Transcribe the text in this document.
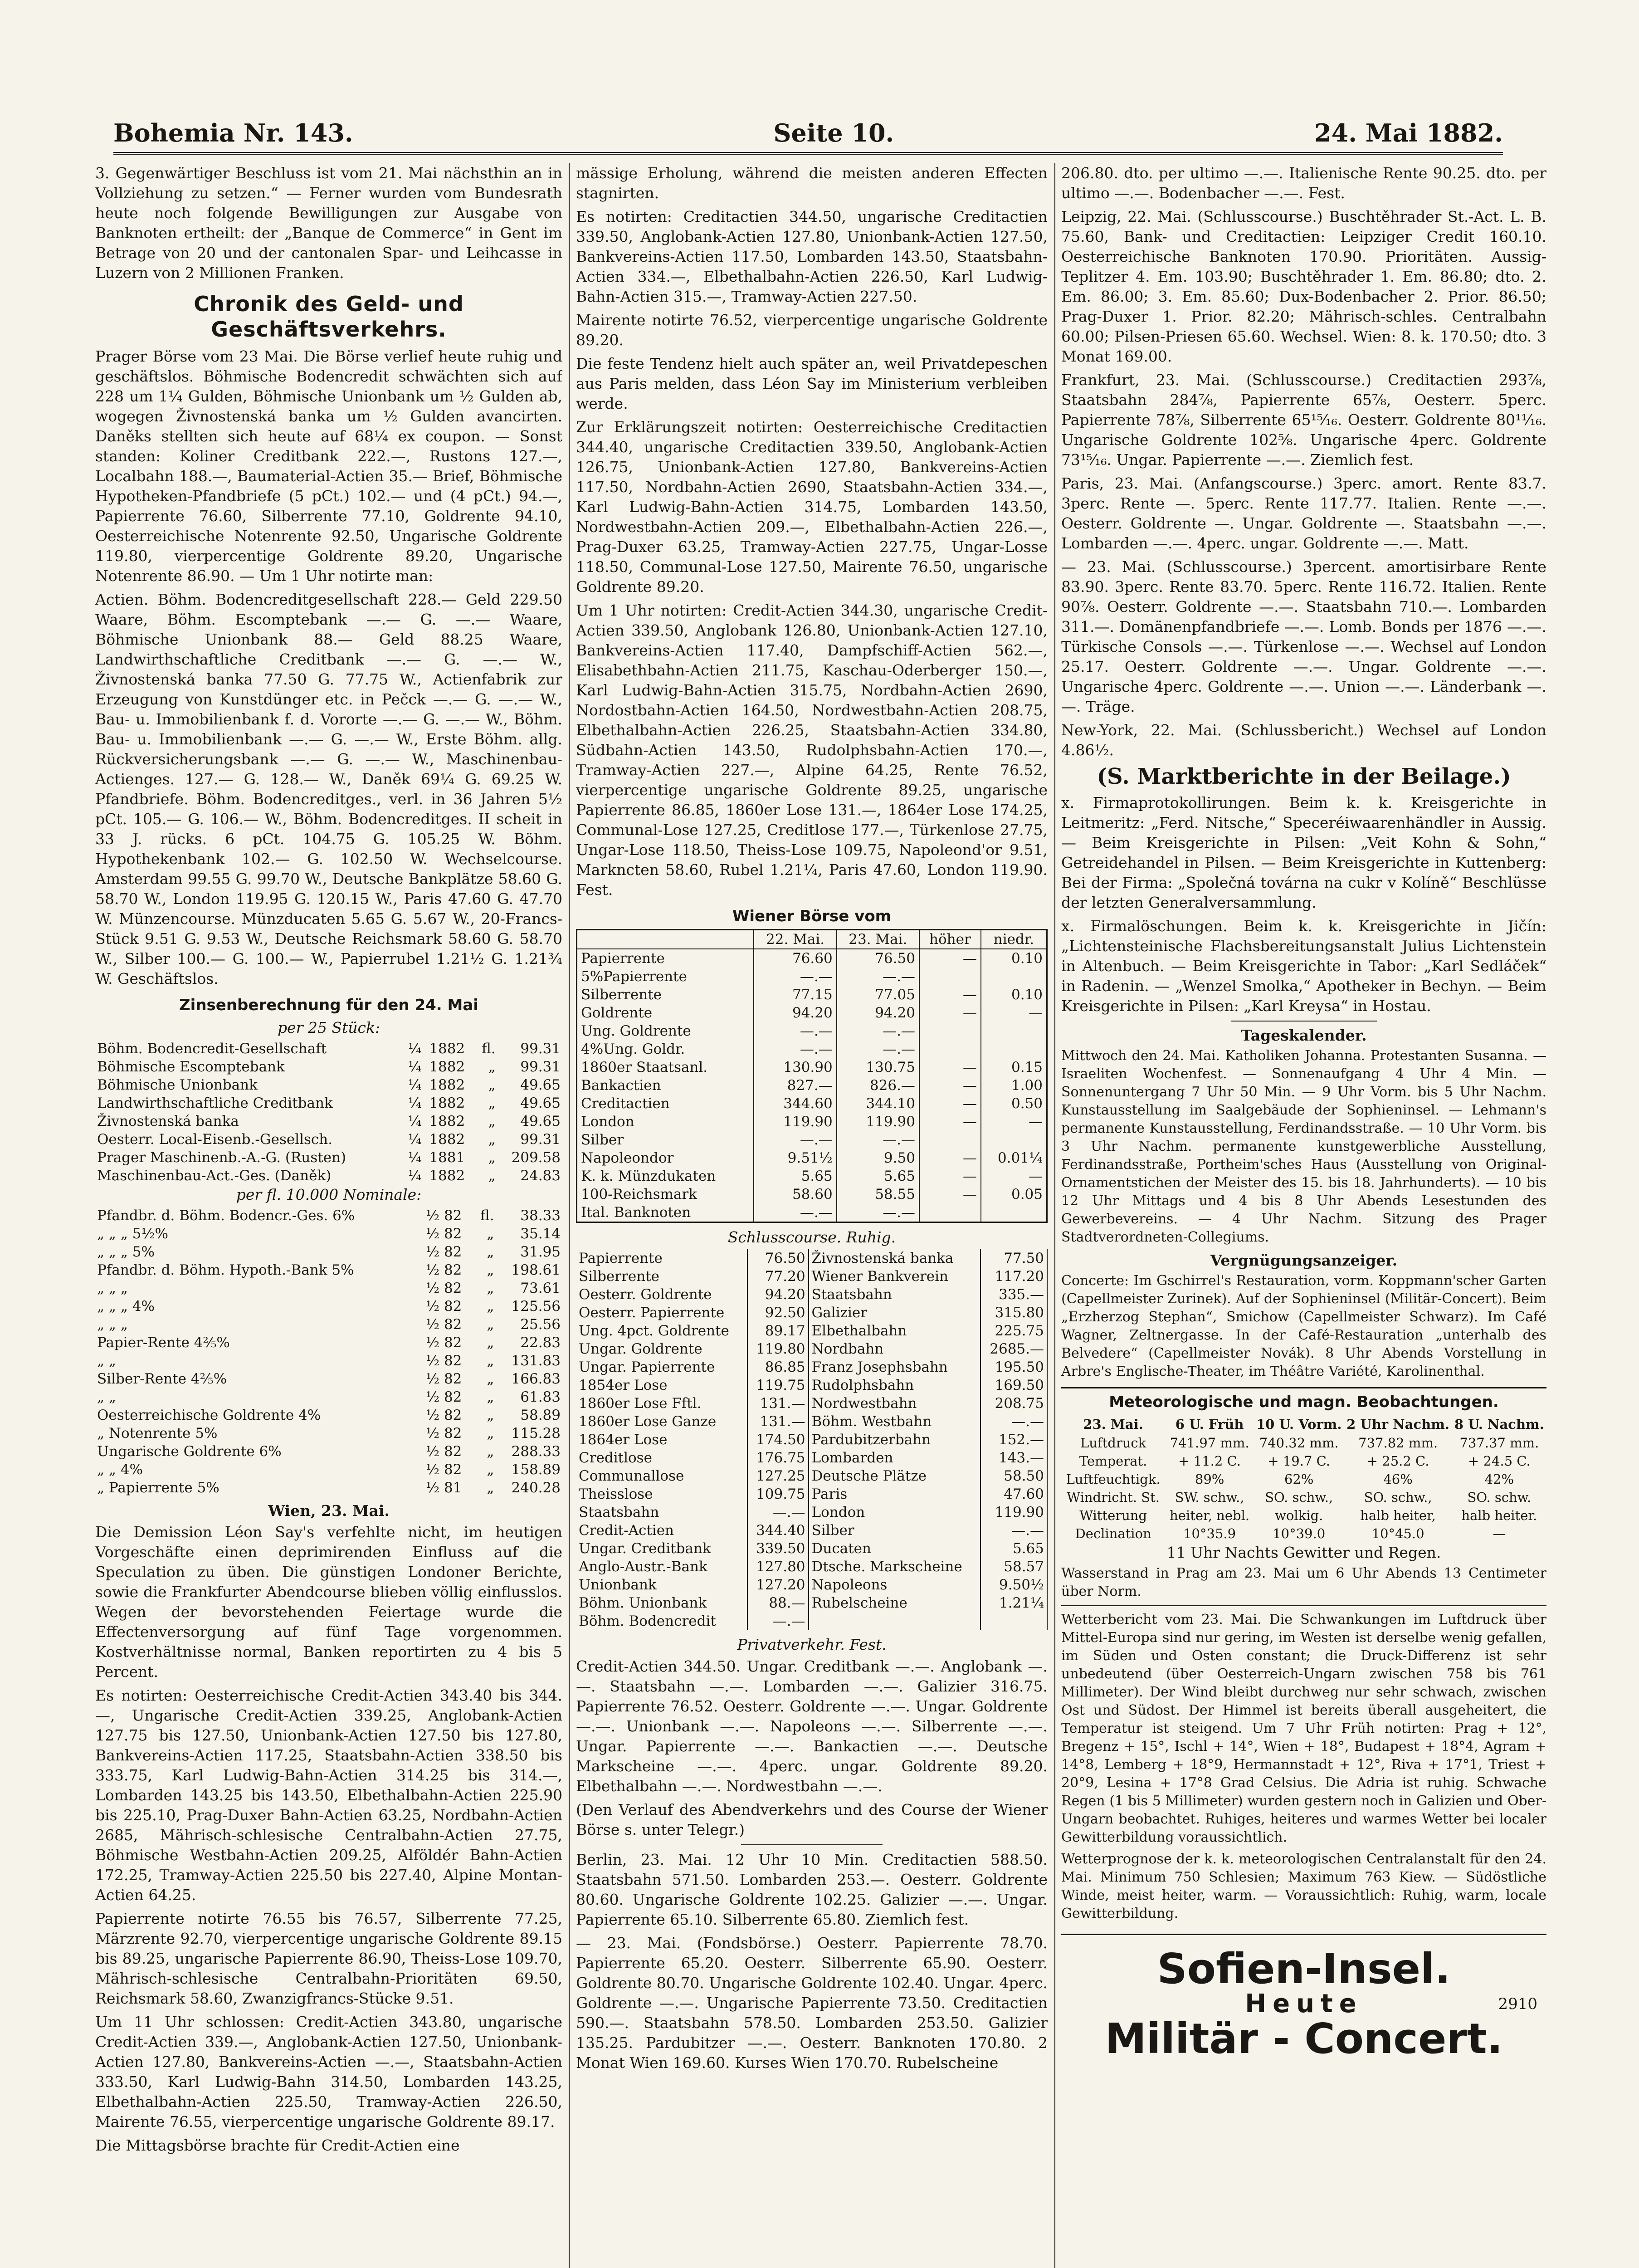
Bohemia Nr. 143.	Seite 10.	24. Mai 1882.

3. Gegenwärtiger Beschluss ist vom 21. Mai nächsthin an in Vollziehung zu setzen.“ — Ferner wurden vom Bundesrath heute noch folgende Bewilligungen zur Ausgabe von Banknoten ertheilt: der „Banque de Commerce“ in Gent im Betrage von 20 und der cantonalen Spar- und Leihcasse in Luzern von 2 Millionen Franken.

Chronik des Geld- und Geschäftsverkehrs.

Prager Börse vom 23 Mai. Die Börse verlief heute ruhig und geschäftslos. Böhmische Bodencredit schwächten sich auf 228 um 1¼ Gulden, Böhmische Unionbank um ½ Gulden ab, wogegen Živnostenská banka um ½ Gulden avancirten. Daněks stellten sich heute auf 68¼ ex coupon. — Sonst standen: Koliner Creditbank 222.—, Rustons 127.—, Localbahn 188.—, Baumaterial-Actien 35.— Brief, Böhmische Hypotheken-Pfandbriefe (5 pCt.) 102.— und (4 pCt.) 94.—, Papierrente 76.60, Silberrente 77.10, Goldrente 94.10, Oesterreichische Notenrente 92.50, Ungarische Goldrente 119.80, vierpercentige Goldrente 89.20, Ungarische Notenrente 86.90. — Um 1 Uhr notirte man:

Actien. Böhm. Bodencreditgesellschaft 228.— Geld 229.50 Waare, Böhm. Escomptebank —.— G. —.— Waare, Böhmische Unionbank 88.— Geld 88.25 Waare, Landwirthschaftliche Creditbank —.— G. —.— W., Živnostenská banka 77.50 G. 77.75 W., Actienfabrik zur Erzeugung von Kunstdünger etc. in Pečck —.— G. —.— W., Bau- u. Immobilienbank f. d. Vororte —.— G. —.— W., Böhm. Bau- u. Immobilienbank —.— G. —.— W., Erste Böhm. allg. Rückversicherungsbank —.— G. —.— W., Maschinenbau-Actienges. 127.— G. 128.— W., Daněk 69¼ G. 69.25 W. Pfandbriefe. Böhm. Bodencreditges., verl. in 36 Jahren 5½ pCt. 105.— G. 106.— W., Böhm. Bodencreditges. II scheit in 33 J. rücks. 6 pCt. 104.75 G. 105.25 W. Böhm. Hypothekenbank 102.— G. 102.50 W. Wechselcourse. Amsterdam 99.55 G. 99.70 W., Deutsche Bankplätze 58.60 G. 58.70 W., London 119.95 G. 120.15 W., Paris 47.60 G. 47.70 W. Münzencourse. Münzducaten 5.65 G. 5.67 W., 20-Francs-Stück 9.51 G. 9.53 W., Deutsche Reichsmark 58.60 G. 58.70 W., Silber 100.— G. 100.— W., Papierrubel 1.21½ G. 1.21¾ W. Geschäftslos.

Zinsenberechnung für den 24. Mai
per 25 Stück:
Böhm. Bodencredit-Gesellschaft	¼	1882	fl.	99.31
Böhmische Escomptebank	¼	1882	„	99.31
Böhmische Unionbank	¼	1882	„	49.65
Landwirthschaftliche Creditbank	¼	1882	„	49.65
Živnostenská banka	¼	1882	„	49.65
Oesterr. Local-Eisenb.-Gesellsch.	¼	1882	„	99.31
Prager Maschinenb.-A.-G. (Rusten)	¼	1881	„	209.58
Maschinenbau-Act.-Ges. (Daněk)	¼	1882	„	24.83
per fl. 10.000 Nominale:
Pfandbr. d. Böhm. Bodencr.-Ges. 6%	½ 82	fl.	38.33
„ „ „ 5½%	½ 82	„	35.14
„ „ „ 5%	½ 82	„	31.95
Pfandbr. d. Böhm. Hypoth.-Bank 5%	½ 82	„	198.61
„ „ „	½ 82	„	73.61
„ „ „ 4%	½ 82	„	125.56
„ „ „	½ 82	„	25.56
Papier-Rente 4⅖%	½ 82	„	22.83
„ „	½ 82	„	131.83
Silber-Rente 4⅖%	½ 82	„	166.83
„ „	½ 82	„	61.83
Oesterreichische Goldrente 4%	½ 82	„	58.89
„ Notenrente 5%	½ 82	„	115.28
Ungarische Goldrente 6%	½ 82	„	288.33
„ „ 4%	½ 82	„	158.89
„ Papierrente 5%	½ 81	„	240.28
Wien, 23. Mai.

Die Demission Léon Say's verfehlte nicht, im heutigen Vorgeschäfte einen deprimirenden Einfluss auf die Speculation zu üben. Die günstigen Londoner Berichte, sowie die Frankfurter Abendcourse blieben völlig einflusslos. Wegen der bevorstehenden Feiertage wurde die Effectenversorgung auf fünf Tage vorgenommen. Kostverhältnisse normal, Banken reportirten zu 4 bis 5 Percent.

Es notirten: Oesterreichische Credit-Actien 343.40 bis 344.—, Ungarische Credit-Actien 339.25, Anglobank-Actien 127.75 bis 127.50, Unionbank-Actien 127.50 bis 127.80, Bankvereins-Actien 117.25, Staatsbahn-Actien 338.50 bis 333.75, Karl Ludwig-Bahn-Actien 314.25 bis 314.—, Lombarden 143.25 bis 143.50, Elbethalbahn-Actien 225.90 bis 225.10, Prag-Duxer Bahn-Actien 63.25, Nordbahn-Actien 2685, Mährisch-schlesische Centralbahn-Actien 27.75, Böhmische Westbahn-Actien 209.25, Alföldér Bahn-Actien 172.25, Tramway-Actien 225.50 bis 227.40, Alpine Montan-Actien 64.25.

Papierrente notirte 76.55 bis 76.57, Silberrente 77.25, Märzrente 92.70, vierpercentige ungarische Goldrente 89.15 bis 89.25, ungarische Papierrente 86.90, Theiss-Lose 109.70, Mährisch-schlesische Centralbahn-Prioritäten 69.50, Reichsmark 58.60, Zwanzigfrancs-Stücke 9.51.

Um 11 Uhr schlossen: Credit-Actien 343.80, ungarische Credit-Actien 339.—, Anglobank-Actien 127.50, Unionbank-Actien 127.80, Bankvereins-Actien —.—, Staatsbahn-Actien 333.50, Karl Ludwig-Bahn 314.50, Lombarden 143.25, Elbethalbahn-Actien 225.50, Tramway-Actien 226.50, Mairente 76.55, vierpercentige ungarische Goldrente 89.17.

Die Mittagsbörse brachte für Credit-Actien eine

mässige Erholung, während die meisten anderen Effecten stagnirten.

Es notirten: Creditactien 344.50, ungarische Creditactien 339.50, Anglobank-Actien 127.80, Unionbank-Actien 127.50, Bankvereins-Actien 117.50, Lombarden 143.50, Staatsbahn-Actien 334.—, Elbethalbahn-Actien 226.50, Karl Ludwig-Bahn-Actien 315.—, Tramway-Actien 227.50.

Mairente notirte 76.52, vierpercentige ungarische Goldrente 89.20.

Die feste Tendenz hielt auch später an, weil Privatdepeschen aus Paris melden, dass Léon Say im Ministerium verbleiben werde.

Zur Erklärungszeit notirten: Oesterreichische Creditactien 344.40, ungarische Creditactien 339.50, Anglobank-Actien 126.75, Unionbank-Actien 127.80, Bankvereins-Actien 117.50, Nordbahn-Actien 2690, Staatsbahn-Actien 334.—, Karl Ludwig-Bahn-Actien 314.75, Lombarden 143.50, Nordwestbahn-Actien 209.—, Elbethalbahn-Actien 226.—, Prag-Duxer 63.25, Tramway-Actien 227.75, Ungar-Losse 118.50, Communal-Lose 127.50, Mairente 76.50, ungarische Goldrente 89.20.

Um 1 Uhr notirten: Credit-Actien 344.30, ungarische Credit-Actien 339.50, Anglobank 126.80, Unionbank-Actien 127.10, Bankvereins-Actien 117.40, Dampfschiff-Actien 562.—, Elisabethbahn-Actien 211.75, Kaschau-Oderberger 150.—, Karl Ludwig-Bahn-Actien 315.75, Nordbahn-Actien 2690, Nordostbahn-Actien 164.50, Nordwestbahn-Actien 208.75, Elbethalbahn-Actien 226.25, Staatsbahn-Actien 334.80, Südbahn-Actien 143.50, Rudolphsbahn-Actien 170.—, Tramway-Actien 227.—, Alpine 64.25, Rente 76.52, vierpercentige ungarische Goldrente 89.25, ungarische Papierrente 86.85, 1860er Lose 131.—, 1864er Lose 174.25, Communal-Lose 127.25, Creditlose 177.—, Türkenlose 27.75, Ungar-Lose 118.50, Theiss-Lose 109.75, Napoleond'or 9.51, Markncten 58.60, Rubel 1.21¼, Paris 47.60, London 119.90. Fest.

Wiener Börse vom
	22. Mai.	23. Mai.	höher	niedr.
Papierrente	76.60	76.50	—	0.10
5%Papierrente	—.—	—.—		
Silberrente	77.15	77.05	—	0.10
Goldrente	94.20	94.20	—	—
Ung. Goldrente	—.—	—.—		
4%Ung. Goldr.	—.—	—.—		
1860er Staatsanl.	130.90	130.75	—	0.15
Bankactien	827.—	826.—	—	1.00
Creditactien	344.60	344.10	—	0.50
London	119.90	119.90	—	—
Silber	—.—	—.—		
Napoleondor	9.51½	9.50	—	0.01¼
K. k. Münzdukaten	5.65	5.65	—	—
100-Reichsmark	58.60	58.55	—	0.05
Ital. Banknoten	—.—	—.—		
Schlusscourse. Ruhig.
Papierrente	76.50	Živnostenská banka	77.50
Silberrente	77.20	Wiener Bankverein	117.20
Oesterr. Goldrente	94.20	Staatsbahn	335.—
Oesterr. Papierrente	92.50	Galizier	315.80
Ung. 4pct. Goldrente	89.17	Elbethalbahn	225.75
Ungar. Goldrente	119.80	Nordbahn	2685.—
Ungar. Papierrente	86.85	Franz Josephsbahn	195.50
1854er Lose	119.75	Rudolphsbahn	169.50
1860er Lose Fftl.	131.—	Nordwestbahn	208.75
1860er Lose Ganze	131.—	Böhm. Westbahn	—.—
1864er Lose	174.50	Pardubitzerbahn	152.—
Creditlose	176.75	Lombarden	143.—
Communallose	127.25	Deutsche Plätze	58.50
Theisslose	109.75	Paris	47.60
Staatsbahn	—.—	London	119.90
Credit-Actien	344.40	Silber	—.—
Ungar. Creditbank	339.50	Ducaten	5.65
Anglo-Austr.-Bank	127.80	Dtsche. Markscheine	58.57
Unionbank	127.20	Napoleons	9.50½
Böhm. Unionbank	88.—	Rubelscheine	1.21¼
Böhm. Bodencredit	—.—		
Privatverkehr. Fest.

Credit-Actien 344.50. Ungar. Creditbank —.—. Anglobank —.—. Staatsbahn —.—. Lombarden —.—. Galizier 316.75. Papierrente 76.52. Oesterr. Goldrente —.—. Ungar. Goldrente —.—. Unionbank —.—. Napoleons —.—. Silberrente —.—. Ungar. Papierrente —.—. Bankactien —.—. Deutsche Markscheine —.—. 4perc. ungar. Goldrente 89.20. Elbethalbahn —.—. Nordwestbahn —.—.

(Den Verlauf des Abendverkehrs und des Course der Wiener Börse s. unter Telegr.)

Berlin, 23. Mai. 12 Uhr 10 Min. Creditactien 588.50. Staatsbahn 571.50. Lombarden 253.—. Oesterr. Goldrente 80.60. Ungarische Goldrente 102.25. Galizier —.—. Ungar. Papierrente 65.10. Silberrente 65.80. Ziemlich fest.

— 23. Mai. (Fondsbörse.) Oesterr. Papierrente 78.70. Papierrente 65.20. Oesterr. Silberrente 65.90. Oesterr. Goldrente 80.70. Ungarische Goldrente 102.40. Ungar. 4perc. Goldrente —.—. Ungarische Papierrente 73.50. Creditactien 590.—. Staatsbahn 578.50. Lombarden 253.50. Galizier 135.25. Pardubitzer —.—. Oesterr. Banknoten 170.80. 2 Monat Wien 169.60. Kurses Wien 170.70. Rubelscheine

206.80. dto. per ultimo —.—. Italienische Rente 90.25. dto. per ultimo —.—. Bodenbacher —.—. Fest.

Leipzig, 22. Mai. (Schlusscourse.) Buschtěhrader St.-Act. L. B. 75.60, Bank- und Creditactien: Leipziger Credit 160.10. Oesterreichische Banknoten 170.90. Prioritäten. Aussig-Teplitzer 4. Em. 103.90; Buschtěhrader 1. Em. 86.80; dto. 2. Em. 86.00; 3. Em. 85.60; Dux-Bodenbacher 2. Prior. 86.50; Prag-Duxer 1. Prior. 82.20; Mährisch-schles. Centralbahn 60.00; Pilsen-Priesen 65.60. Wechsel. Wien: 8. k. 170.50; dto. 3 Monat 169.00.

Frankfurt, 23. Mai. (Schlusscourse.) Creditactien 293⅞, Staatsbahn 284⅞, Papierrente 65⅞, Oesterr. 5perc. Papierrente 78⅞, Silberrente 65¹⁵⁄₁₆. Oesterr. Goldrente 80¹¹⁄₁₆. Ungarische Goldrente 102⅝. Ungarische 4perc. Goldrente 73¹⁵⁄₁₆. Ungar. Papierrente —.—. Ziemlich fest.

Paris, 23. Mai. (Anfangscourse.) 3perc. amort. Rente 83.7. 3perc. Rente —. 5perc. Rente 117.77. Italien. Rente —.—. Oesterr. Goldrente —. Ungar. Goldrente —. Staatsbahn —.—. Lombarden —.—. 4perc. ungar. Goldrente —.—. Matt.

— 23. Mai. (Schlusscourse.) 3percent. amortisirbare Rente 83.90. 3perc. Rente 83.70. 5perc. Rente 116.72. Italien. Rente 90⅞. Oesterr. Goldrente —.—. Staatsbahn 710.—. Lombarden 311.—. Domänenpfandbriefe —.—. Lomb. Bonds per 1876 —.—. Türkische Consols —.—. Türkenlose —.—. Wechsel auf London 25.17. Oesterr. Goldrente —.—. Ungar. Goldrente —.—. Ungarische 4perc. Goldrente —.—. Union —.—. Länderbank —.—. Träge.

New-York, 22. Mai. (Schlussbericht.) Wechsel auf London 4.86½.

(S. Marktberichte in der Beilage.)

x. Firmaprotokollirungen. Beim k. k. Kreisgerichte in Leitmeritz: „Ferd. Nitsche,“ Speceréiwaarenhändler in Aussig. — Beim Kreisgerichte in Pilsen: „Veit Kohn & Sohn,“ Getreidehandel in Pilsen. — Beim Kreisgerichte in Kuttenberg: Bei der Firma: „Společná továrna na cukr v Kolíně“ Beschlüsse der letzten Generalversammlung.

x. Firmalöschungen. Beim k. k. Kreisgerichte in Jičín: „Lichtensteinische Flachsbereitungsanstalt Julius Lichtenstein in Altenbuch. — Beim Kreisgerichte in Tabor: „Karl Sedláček“ in Radenin. — „Wenzel Smolka,“ Apotheker in Bechyn. — Beim Kreisgerichte in Pilsen: „Karl Kreysa“ in Hostau.

Tageskalender.

Mittwoch den 24. Mai. Katholiken Johanna. Protestanten Susanna. — Israeliten Wochenfest. — Sonnenaufgang 4 Uhr 4 Min. — Sonnenuntergang 7 Uhr 50 Min. — 9 Uhr Vorm. bis 5 Uhr Nachm. Kunstausstellung im Saalgebäude der Sophieninsel. — Lehmann's permanente Kunstausstellung, Ferdinandsstraße. — 10 Uhr Vorm. bis 3 Uhr Nachm. permanente kunstgewerbliche Ausstellung, Ferdinandsstraße, Portheim'sches Haus (Ausstellung von Original-Ornamentstichen der Meister des 15. bis 18. Jahrhunderts). — 10 bis 12 Uhr Mittags und 4 bis 8 Uhr Abends Lesestunden des Gewerbevereins. — 4 Uhr Nachm. Sitzung des Prager Stadtverordneten-Collegiums.

Vergnügungsanzeiger.

Concerte: Im Gschirrel's Restauration, vorm. Koppmann'scher Garten (Capellmeister Zurinek). Auf der Sophieninsel (Militär-Concert). Beim „Erzherzog Stephan“, Smichow (Capellmeister Schwarz). Im Café Wagner, Zeltnergasse. In der Café-Restauration „unterhalb des Belvedere“ (Capellmeister Novák). 8 Uhr Abends Vorstellung in Arbre's Englische-Theater, im Théâtre Variété, Karolinenthal.

Meteorologische und magn. Beobachtungen.
23. Mai.	6 U. Früh	10 U. Vorm.	2 Uhr Nachm.	8 U. Nachm.
Luftdruck	741.97 mm.	740.32 mm.	737.82 mm.	737.37 mm.
Temperat.	+ 11.2 C.	+ 19.7 C.	+ 25.2 C.	+ 24.5 C.
Luftfeuchtigk.	89%	62%	46%	42%
Windricht. St.	SW. schw.,	SO. schw.,	SO. schw.,	SO. schw.
Witterung	heiter, nebl.	wolkig.	halb heiter,	halb heiter.
Declination	10°35.9	10°39.0	10°45.0	—
11 Uhr Nachts Gewitter und Regen.

Wasserstand in Prag am 23. Mai um 6 Uhr Abends 13 Centimeter über Norm.

Wetterbericht vom 23. Mai. Die Schwankungen im Luftdruck über Mittel-Europa sind nur gering, im Westen ist derselbe wenig gefallen, im Süden und Osten constant; die Druck-Differenz ist sehr unbedeutend (über Oesterreich-Ungarn zwischen 758 bis 761 Millimeter). Der Wind bleibt durchweg nur sehr schwach, zwischen Ost und Südost. Der Himmel ist bereits überall ausgeheitert, die Temperatur ist steigend. Um 7 Uhr Früh notirten: Prag + 12°, Bregenz + 15°, Ischl + 14°, Wien + 18°, Budapest + 18°4, Agram + 14°8, Lemberg + 18°9, Hermannstadt + 12°, Riva + 17°1, Triest + 20°9, Lesina + 17°8 Grad Celsius. Die Adria ist ruhig. Schwache Regen (1 bis 5 Millimeter) wurden gestern noch in Galizien und Ober-Ungarn beobachtet. Ruhiges, heiteres und warmes Wetter bei localer Gewitterbildung voraussichtlich.

Wetterprognose der k. k. meteorologischen Centralanstalt für den 24. Mai. Minimum 750 Schlesien; Maximum 763 Kiew. — Südöstliche Winde, meist heiter, warm. — Voraussichtlich: Ruhig, warm, locale Gewitterbildung.

Sofien-Insel.
Heute	2910
Militär - Concert.
